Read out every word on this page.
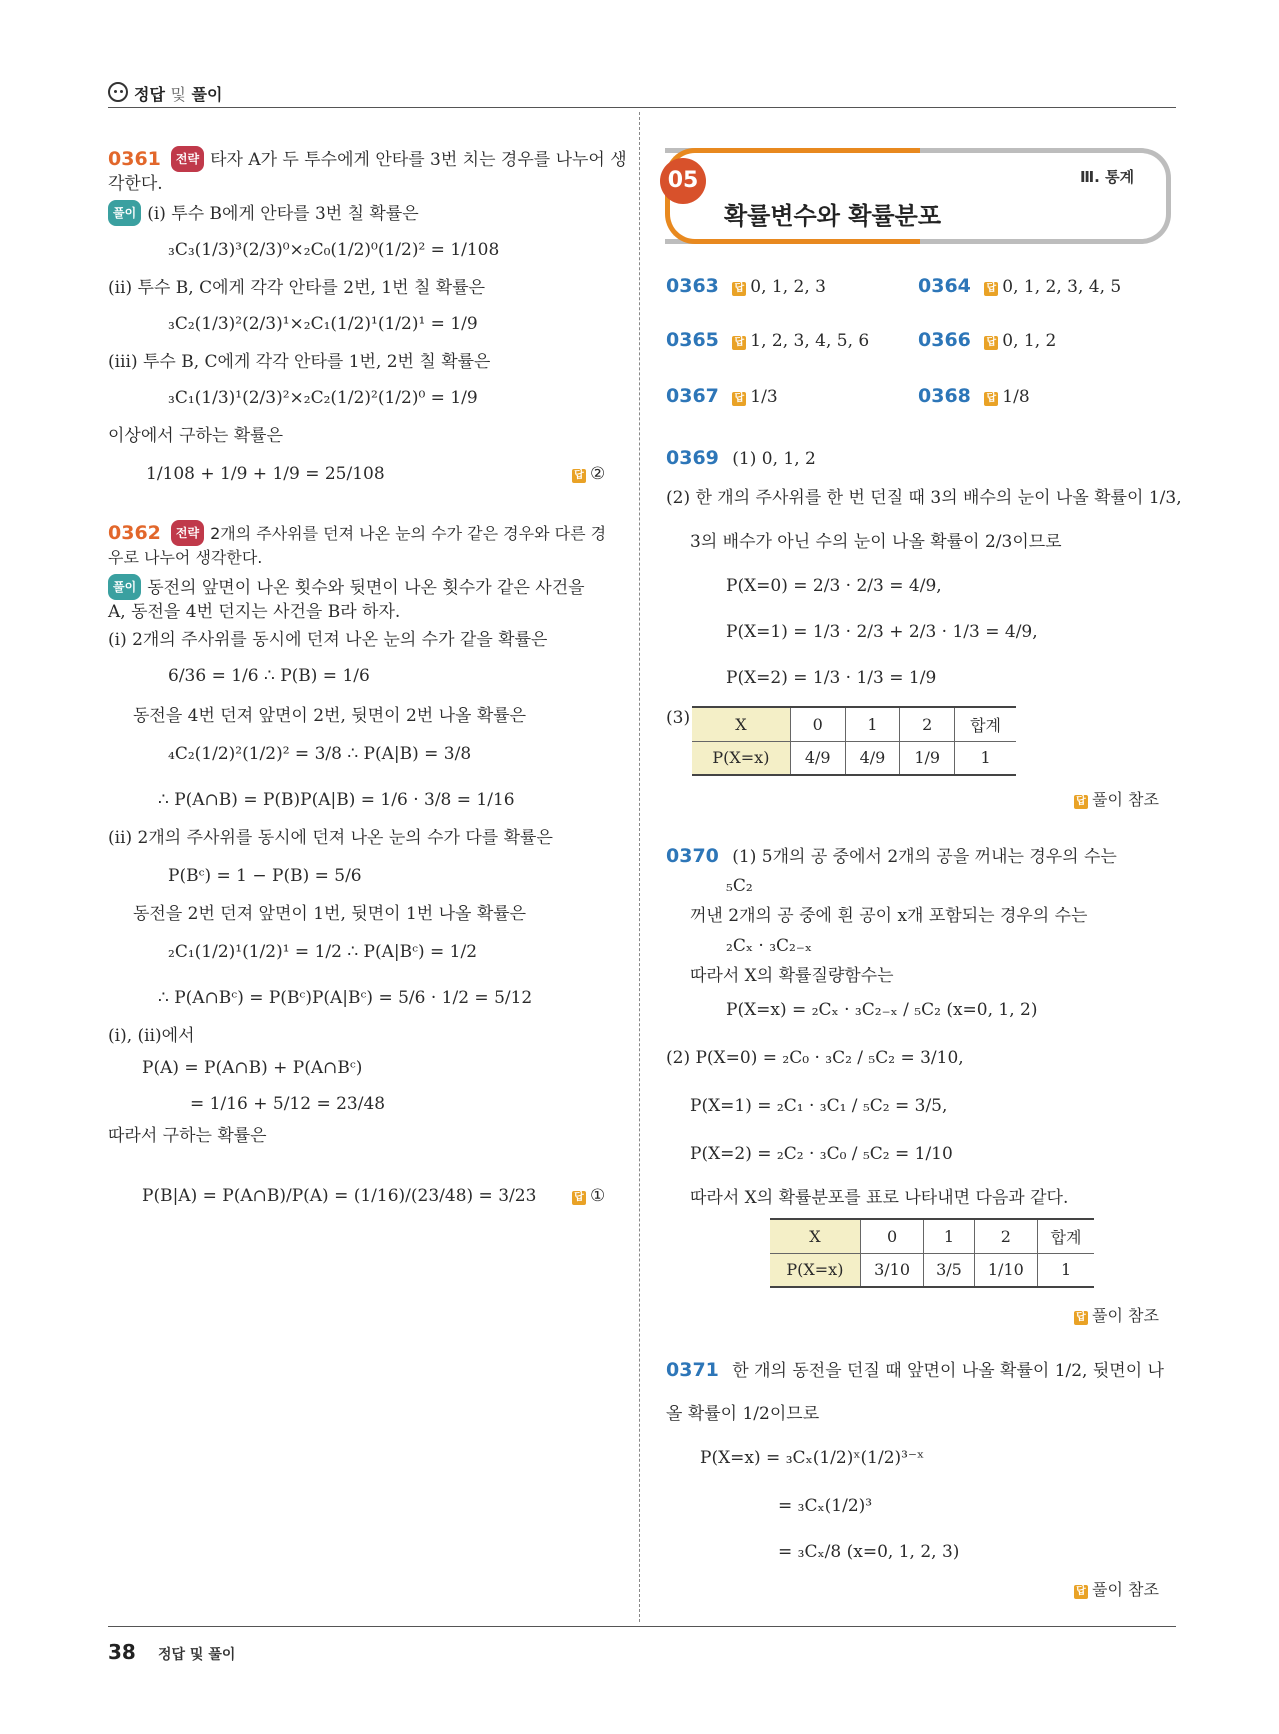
정답 및 풀이
0361 전략 타자 A가 두 투수에게 안타를 3번 치는 경우를 나누어 생
각한다.
풀이 (ⅰ) 투수 B에게 안타를 3번 칠 확률은
₃C₃(1/3)³(2/3)⁰×₂C₀(1/2)⁰(1/2)² = 1/108
(ⅱ) 투수 B, C에게 각각 안타를 2번, 1번 칠 확률은
₃C₂(1/3)²(2/3)¹×₂C₁(1/2)¹(1/2)¹ = 1/9
(ⅲ) 투수 B, C에게 각각 안타를 1번, 2번 칠 확률은
₃C₁(1/3)¹(2/3)²×₂C₂(1/2)²(1/2)⁰ = 1/9
이상에서 구하는 확률은
1/108 + 1/9 + 1/9 = 25/108	답 ②
0362 전략 2개의 주사위를 던져 나온 눈의 수가 같은 경우와 다른 경
우로 나누어 생각한다.
풀이 동전의 앞면이 나온 횟수와 뒷면이 나온 횟수가 같은 사건을
A, 동전을 4번 던지는 사건을 B라 하자.
(ⅰ) 2개의 주사위를 동시에 던져 나온 눈의 수가 같을 확률은
6/36 = 1/6 ∴ P(B) = 1/6
동전을 4번 던져 앞면이 2번, 뒷면이 2번 나올 확률은
₄C₂(1/2)²(1/2)² = 3/8 ∴ P(A|B) = 3/8
∴ P(A∩B) = P(B)P(A|B) = 1/6 · 3/8 = 1/16
(ⅱ) 2개의 주사위를 동시에 던져 나온 눈의 수가 다를 확률은
P(Bᶜ) = 1 − P(B) = 5/6
동전을 2번 던져 앞면이 1번, 뒷면이 1번 나올 확률은
₂C₁(1/2)¹(1/2)¹ = 1/2 ∴ P(A|Bᶜ) = 1/2
∴ P(A∩Bᶜ) = P(Bᶜ)P(A|Bᶜ) = 5/6 · 1/2 = 5/12
(ⅰ), (ⅱ)에서
P(A) = P(A∩B) + P(A∩Bᶜ)
= 1/16 + 5/12 = 23/48
따라서 구하는 확률은
P(B|A) = P(A∩B)/P(A) = (1/16)/(23/48) = 3/23	답 ①
05	Ⅲ. 통계
확률변수와 확률분포
0363 답 0, 1, 2, 3	0364 답 0, 1, 2, 3, 4, 5
0365 답 1, 2, 3, 4, 5, 6	0366 답 0, 1, 2
0367 답 1/3	0368 답 1/8
0369 (1) 0, 1, 2
(2) 한 개의 주사위를 한 번 던질 때 3의 배수의 눈이 나올 확률이 1/3,
3의 배수가 아닌 수의 눈이 나올 확률이 2/3이므로
P(X=0) = 2/3 · 2/3 = 4/9,
P(X=1) = 1/3 · 2/3 + 2/3 · 1/3 = 4/9,
P(X=2) = 1/3 · 1/3 = 1/9
(3)	X	0	1	2	합계
P(X=x)	4/9	4/9	1/9	1
답 풀이 참조
0370 (1) 5개의 공 중에서 2개의 공을 꺼내는 경우의 수는
₅C₂
꺼낸 2개의 공 중에 흰 공이 x개 포함되는 경우의 수는
₂Cₓ · ₃C₂₋ₓ
따라서 X의 확률질량함수는
P(X=x) = ₂Cₓ · ₃C₂₋ₓ / ₅C₂ (x=0, 1, 2)
(2) P(X=0) = ₂C₀ · ₃C₂ / ₅C₂ = 3/10,
P(X=1) = ₂C₁ · ₃C₁ / ₅C₂ = 3/5,
P(X=2) = ₂C₂ · ₃C₀ / ₅C₂ = 1/10
따라서 X의 확률분포를 표로 나타내면 다음과 같다.
X	0	1	2	합계
P(X=x)	3/10	3/5	1/10	1
답 풀이 참조
0371 한 개의 동전을 던질 때 앞면이 나올 확률이 1/2, 뒷면이 나
올 확률이 1/2이므로
P(X=x) = ₃Cₓ(1/2)ˣ(1/2)³⁻ˣ
= ₃Cₓ(1/2)³
= ₃Cₓ/8 (x=0, 1, 2, 3)
답 풀이 참조
38 정답 및 풀이
